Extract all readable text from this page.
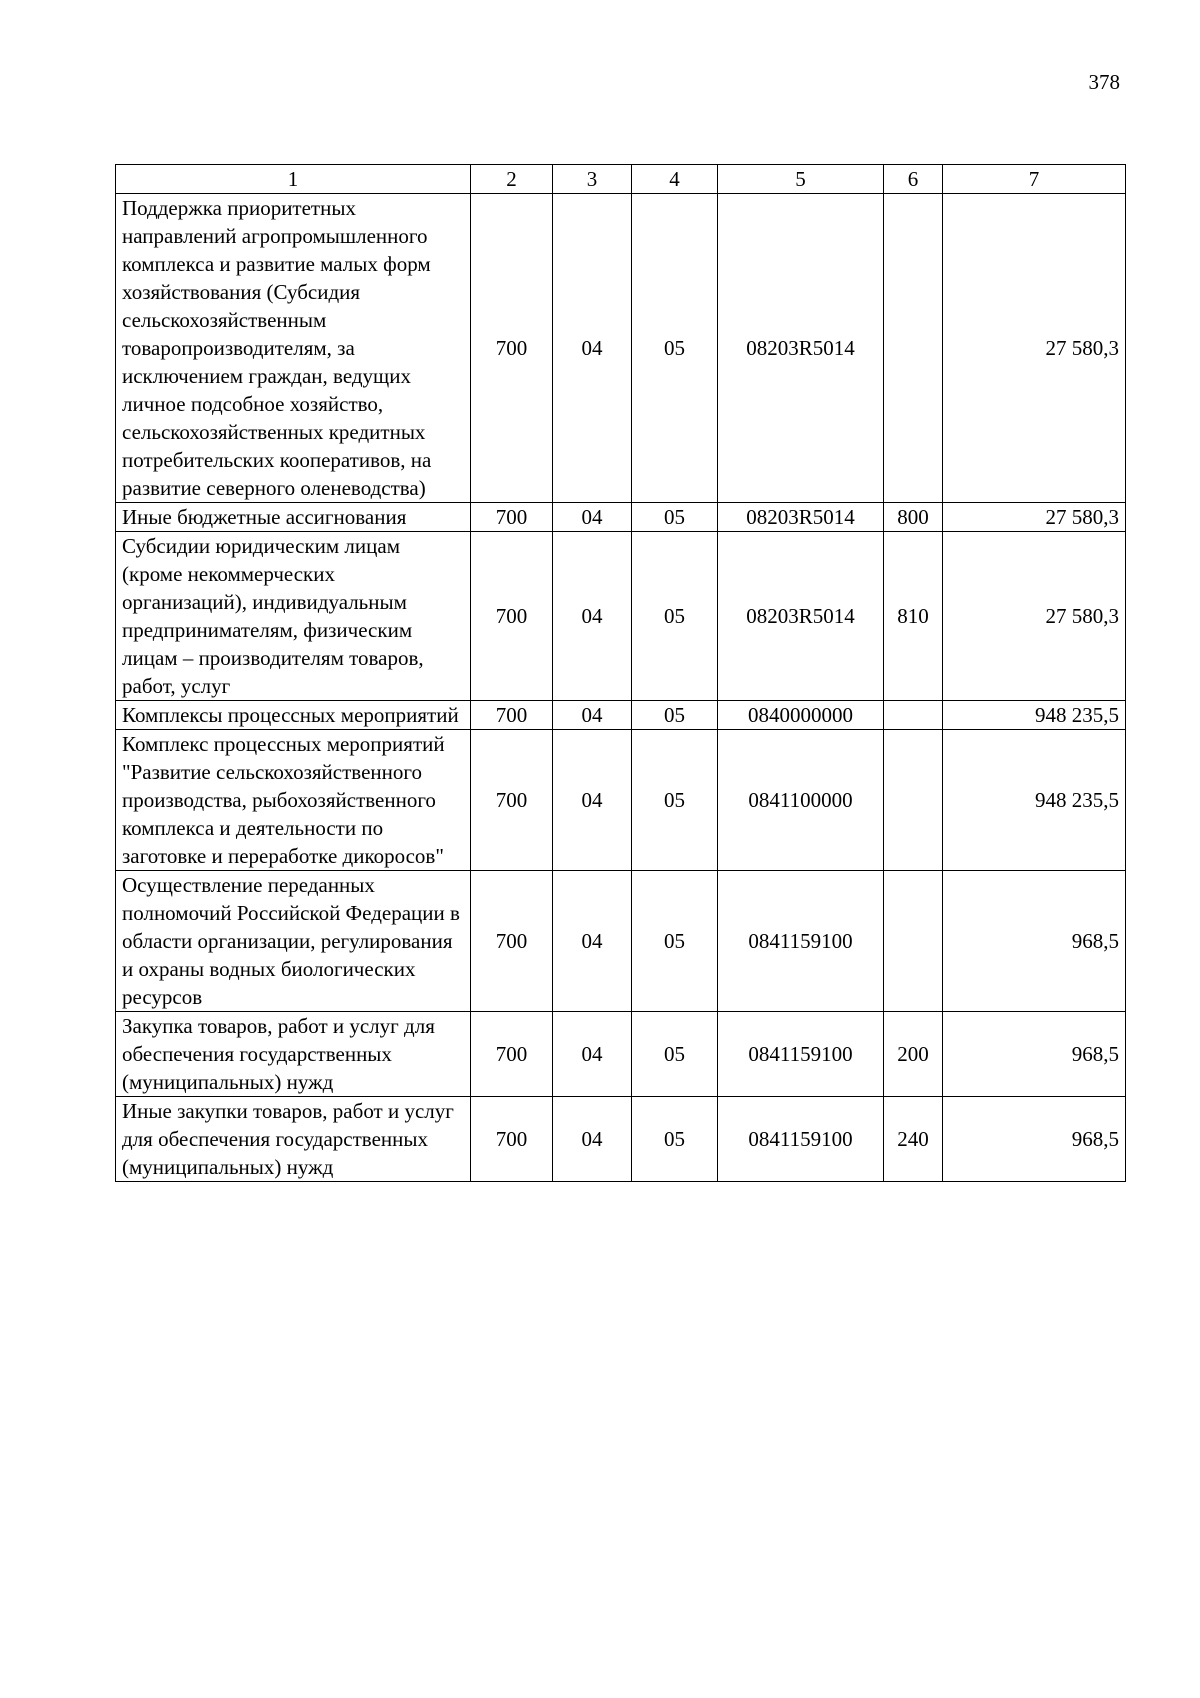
378
1	2	3	4	5	6	7
Поддержка приоритетных направлений агропромышленного комплекса и развитие малых форм хозяйствования (Субсидия сельскохозяйственным товаропроизводителям, за исключением граждан, ведущих личное подсобное хозяйство, сельскохозяйственных кредитных потребительских кооперативов, на развитие северного оленеводства)	700	04	05	08203R5014		27 580,3
Иные бюджетные ассигнования	700	04	05	08203R5014	800	27 580,3
Субсидии юридическим лицам (кроме некоммерческих организаций), индивидуальным предпринимателям, физическим лицам – производителям товаров, работ, услуг	700	04	05	08203R5014	810	27 580,3
Комплексы процессных мероприятий	700	04	05	0840000000		948 235,5
Комплекс процессных мероприятий "Развитие сельскохозяйственного производства, рыбохозяйственного комплекса и деятельности по заготовке и переработке дикоросов"	700	04	05	0841100000		948 235,5
Осуществление переданных полномочий Российской Федерации в области организации, регулирования и охраны водных биологических ресурсов	700	04	05	0841159100		968,5
Закупка товаров, работ и услуг для обеспечения государственных (муниципальных) нужд	700	04	05	0841159100	200	968,5
Иные закупки товаров, работ и услуг для обеспечения государственных (муниципальных) нужд	700	04	05	0841159100	240	968,5
